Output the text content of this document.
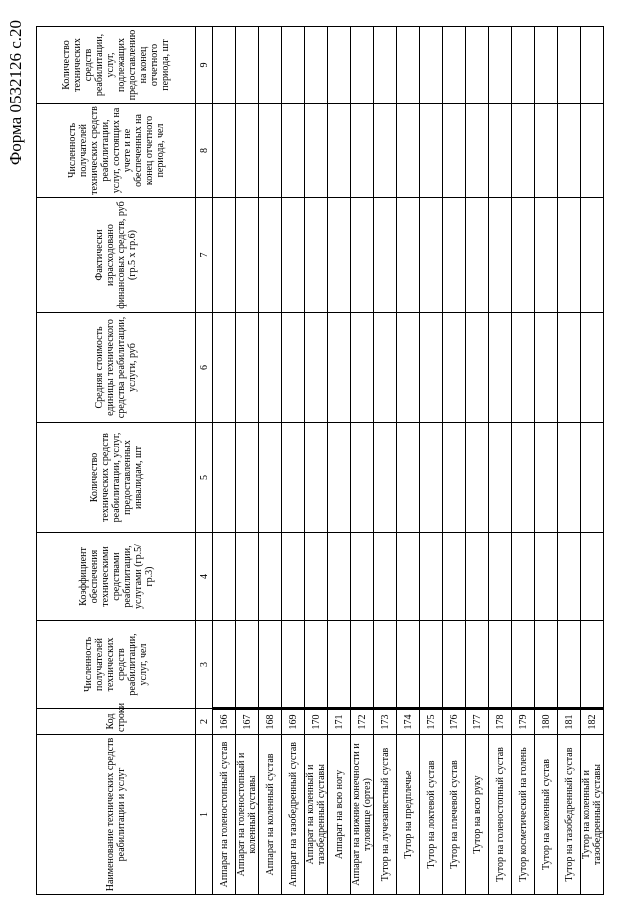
Форма 0532126 с.20
Наименование технических средств реабилитации и услуг	Код строки	Численность получателей технических средств реабилитации, услуг, чел	Коэффициент обеспечения техническими средствами реабилитации, услугами (гр.5/гр.3)	Количество технических средств реабилитации, услуг, предоставленных инвалидам, шт	Средняя стоимость единицы технического средства реабилитации, услуги, руб	Фактически израсходовано финансовых средств, руб (гр.5 х гр.6)	Численность получателей технических средств реабилитации, услуг, состоящих на учете и не обеспеченных на конец отчетного периода, чел	Количество технических средств реабилитации, услуг, подлежащих предоставлению на конец отчетного периода, шт
1	2	3	4	5	6	7	8	9
Аппарат на голеностопный сустав	166							
Аппарат на голеностопный и коленный суставы	167							
Аппарат на коленный сустав	168							
Аппарат на тазобедренный сустав	169							
Аппарат на коленный и тазобедренный суставы	170							
Аппарат на всю ногу	171							
Аппарат на нижние конечности и туловище (ортез)	172							
Тутор на лучезапястный сустав	173							
Тутор на предплечье	174							
Тутор на локтевой сустав	175							
Тутор на плечевой сустав	176							
Тутор на всю руку	177							
Тутор на голеностопный сустав	178							
Тутор косметический на голень	179							
Тутор на коленный сустав	180							
Тутор на тазобедренный сустав	181							
Тутор на коленный и тазобедренный суставы	182							
